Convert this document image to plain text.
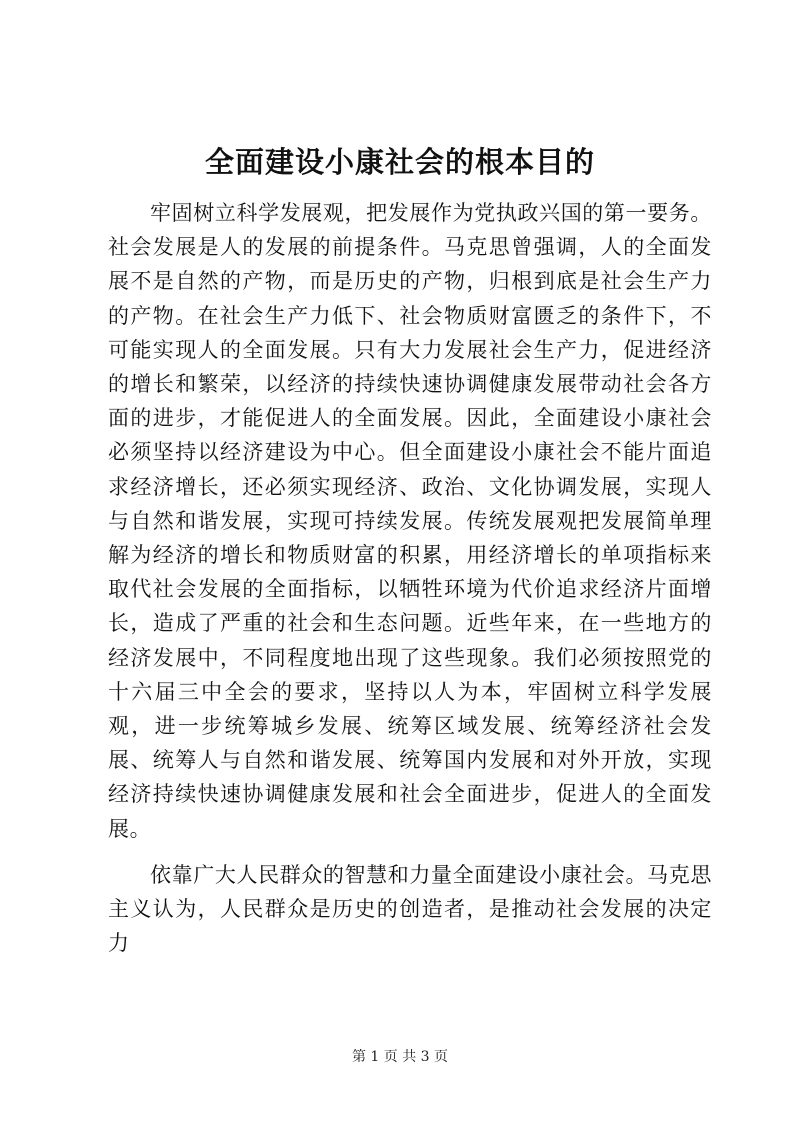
全面建设小康社会的根本目的

牢固树立科学发展观，把发展作为党执政兴国的第一要务。社会发展是人的发展的前提条件。马克思曾强调，人的全面发展不是自然的产物，而是历史的产物，归根到底是社会生产力的产物。在社会生产力低下、社会物质财富匮乏的条件下，不可能实现人的全面发展。只有大力发展社会生产力，促进经济的增长和繁荣，以经济的持续快速协调健康发展带动社会各方面的进步，才能促进人的全面发展。因此，全面建设小康社会必须坚持以经济建设为中心。但全面建设小康社会不能片面追求经济增长，还必须实现经济、政治、文化协调发展，实现人与自然和谐发展，实现可持续发展。传统发展观把发展简单理解为经济的增长和物质财富的积累，用经济增长的单项指标来取代社会发展的全面指标，以牺牲环境为代价追求经济片面增长，造成了严重的社会和生态问题。近些年来，在一些地方的经济发展中，不同程度地出现了这些现象。我们必须按照党的十六届三中全会的要求，坚持以人为本，牢固树立科学发展观，进一步统筹城乡发展、统筹区域发展、统筹经济社会发展、统筹人与自然和谐发展、统筹国内发展和对外开放，实现经济持续快速协调健康发展和社会全面进步，促进人的全面发展。

依靠广大人民群众的智慧和力量全面建设小康社会。马克思主义认为，人民群众是历史的创造者，是推动社会发展的决定力

第 1 页 共 3 页
